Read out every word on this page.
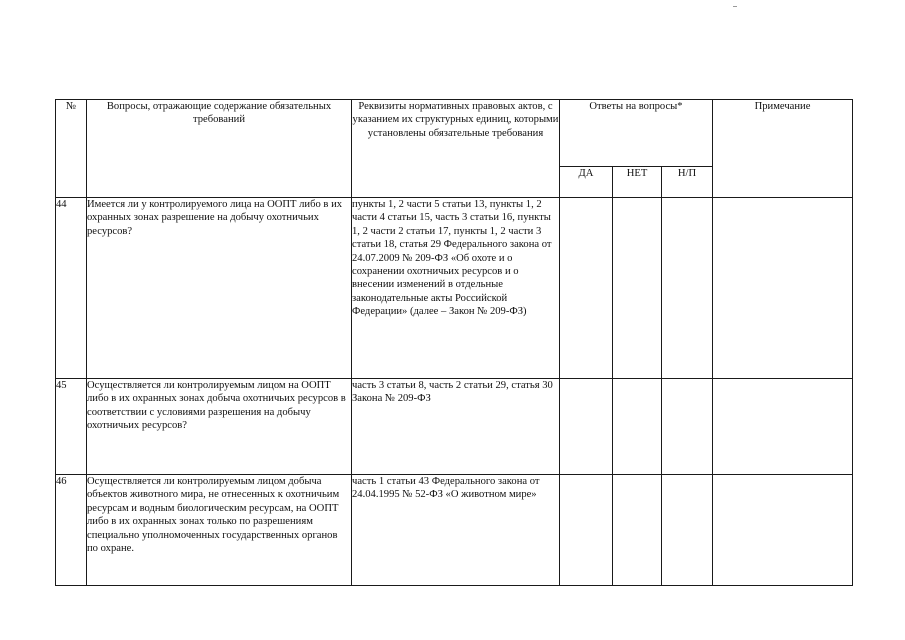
№	Вопросы, отражающие содержание обязательных требований	Реквизиты нормативных правовых актов, с указанием их структурных единиц, которыми установлены обязательные требования	Ответы на вопросы*			Примечание
			ДА	НЕТ	Н/П	
44	Имеется ли у контролируемого лица на ООПТ либо в их охранных зонах разрешение на добычу охотничьих ресурсов?	пункты 1, 2 части 5 статьи 13, пункты 1, 2 части 4 статьи 15, часть 3 статьи 16, пункты 1, 2 части 2 статьи 17, пункты 1, 2 части 3 статьи 18, статья 29 Федерального закона от 24.07.2009 № 209-ФЗ «Об охоте и о сохранении охотничьих ресурсов и о внесении изменений в отдельные законодательные акты Российской Федерации» (далее – Закон № 209-ФЗ)				
45	Осуществляется ли контролируемым лицом на ООПТ либо в их охранных зонах добыча охотничьих ресурсов в соответствии с условиями разрешения на добычу охотничьих ресурсов?	часть 3 статьи 8, часть 2 статьи 29, статья 30 Закона № 209-ФЗ				
46	Осуществляется ли контролируемым лицом добыча объектов животного мира, не отнесенных к охотничьим ресурсам и водным биологическим ресурсам, на ООПТ либо в их охранных зонах только по разрешениям специально уполномоченных государственных органов по охране.	часть 1 статьи 43 Федерального закона от 24.04.1995 № 52-ФЗ «О животном мире»				
